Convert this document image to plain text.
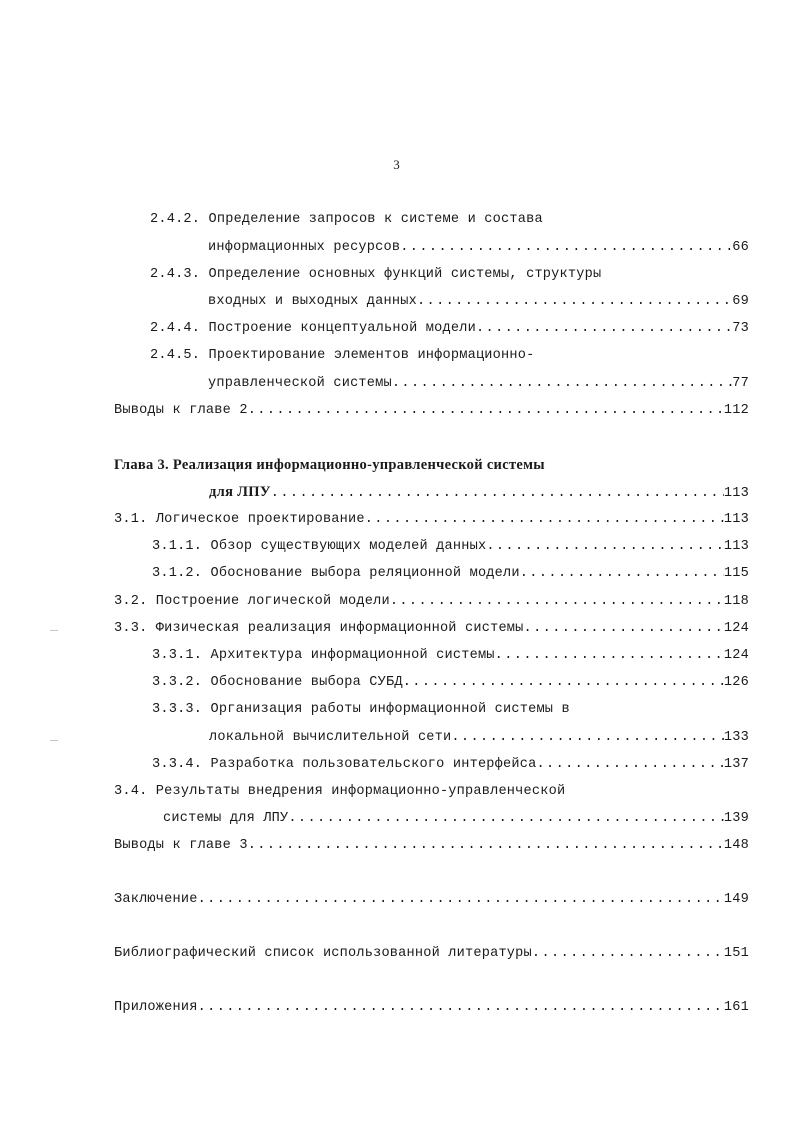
3
2.4.2. Определение запросов к системе и состава
информационных ресурсов .....	66
2.4.3. Определение основных функций системы, структуры
входных и выходных данных .....	69
2.4.4. Построение концептуальной модели .....	73
2.4.5. Проектирование элементов информационно-
управленческой системы .....	77
Выводы к главе 2 .....	112
Глава 3. Реализация информационно-управленческой системы
для ЛПУ .....	113
3.1. Логическое проектирование .....	113
3.1.1. Обзор существующих моделей данных .....	113
3.1.2. Обоснование выбора реляционной модели .....	115
3.2. Построение логической модели .....	118
3.3. Физическая реализация информационной системы .....	124
3.3.1. Архитектура информационной системы .....	124
3.3.2. Обоснование выбора СУБД .....	126
3.3.3. Организация работы информационной системы в
локальной вычислительной сети .....	133
3.3.4. Разработка пользовательского интерфейса .....	137
3.4. Результаты внедрения информационно-управленческой
системы для ЛПУ .....	139
Выводы к главе 3 .....	148
Заключение .....	149
Библиографический список использованной литературы .....	151
Приложения .....	161
